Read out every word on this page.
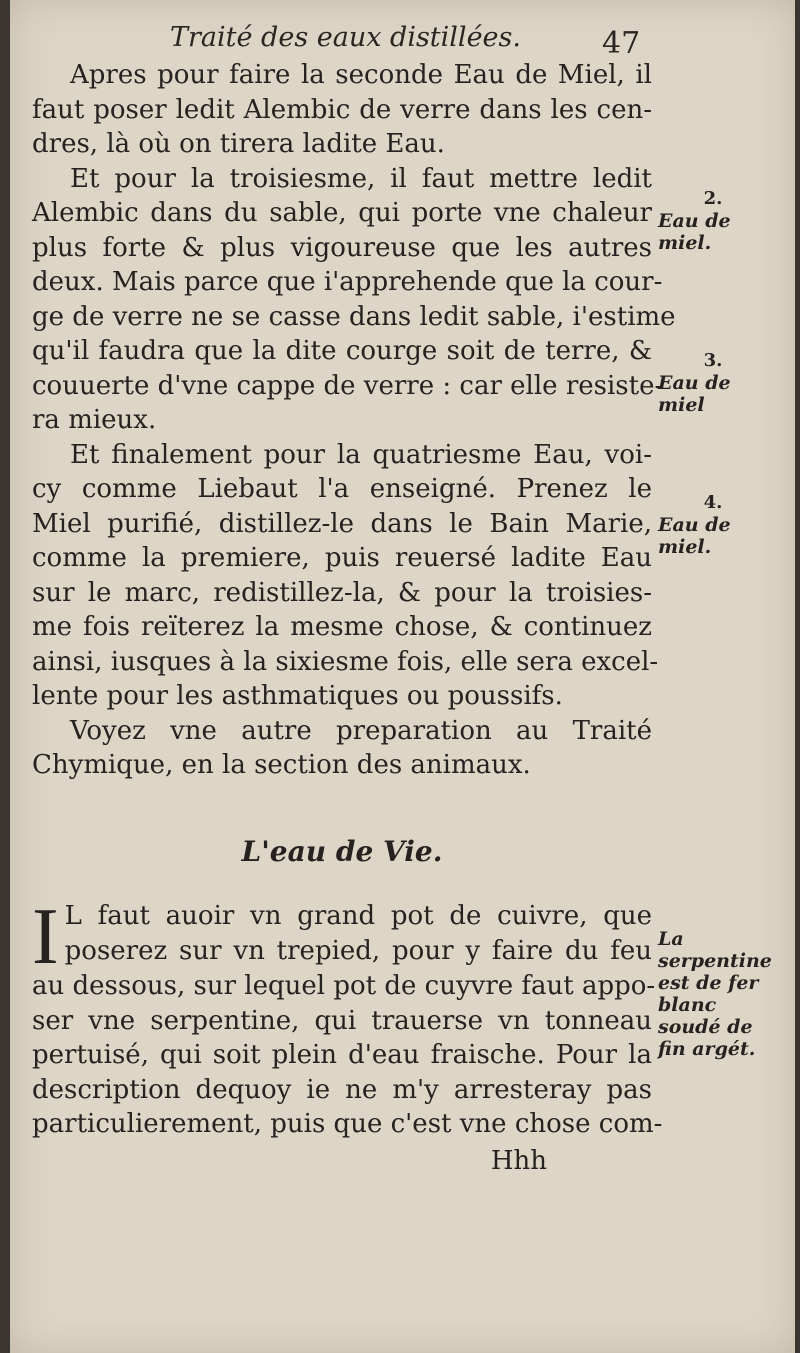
Traité des eaux distillées.	47

Apres pour faire la seconde Eau de Miel, il
faut poser ledit Alembic de verre dans les cen-
dres, là où on tirera ladite Eau.

Et pour la troisiesme, il faut mettre ledit
Alembic dans du sable, qui porte vne chaleur
plus forte & plus vigoureuse que les autres
deux. Mais parce que i'apprehende que la cour-
ge de verre ne se casse dans ledit sable, i'estime
qu'il faudra que la dite courge soit de terre, &
couuerte d'vne cappe de verre : car elle resiste-
ra mieux.

Et finalement pour la quatriesme Eau, voi-
cy comme Liebaut l'a enseigné. Prenez le
Miel purifié, distillez-le dans le Bain Marie,
comme la premiere, puis reuersé ladite Eau
sur le marc, redistillez-la, & pour la troisies-
me fois reïterez la mesme chose, & continuez
ainsi, iusques à la sixiesme fois, elle sera excel-
lente pour les asthmatiques ou poussifs.

Voyez vne autre preparation au Traité
Chymique, en la section des animaux.

L'eau de Vie.

I L faut auoir vn grand pot de cuivre, que
poserez sur vn trepied, pour y faire du feu
au dessous, sur lequel pot de cuyvre faut appo-
ser vne serpentine, qui trauerse vn tonneau
pertuisé, qui soit plein d'eau fraische. Pour la
description dequoy ie ne m'y arresteray pas
particulierement, puis que c'est vne chose com-

Hhh
2.
Eau de miel.
3.
Eau de miel
4.
Eau de miel.
La serpentine est de fer blanc soudé de fin argét.
